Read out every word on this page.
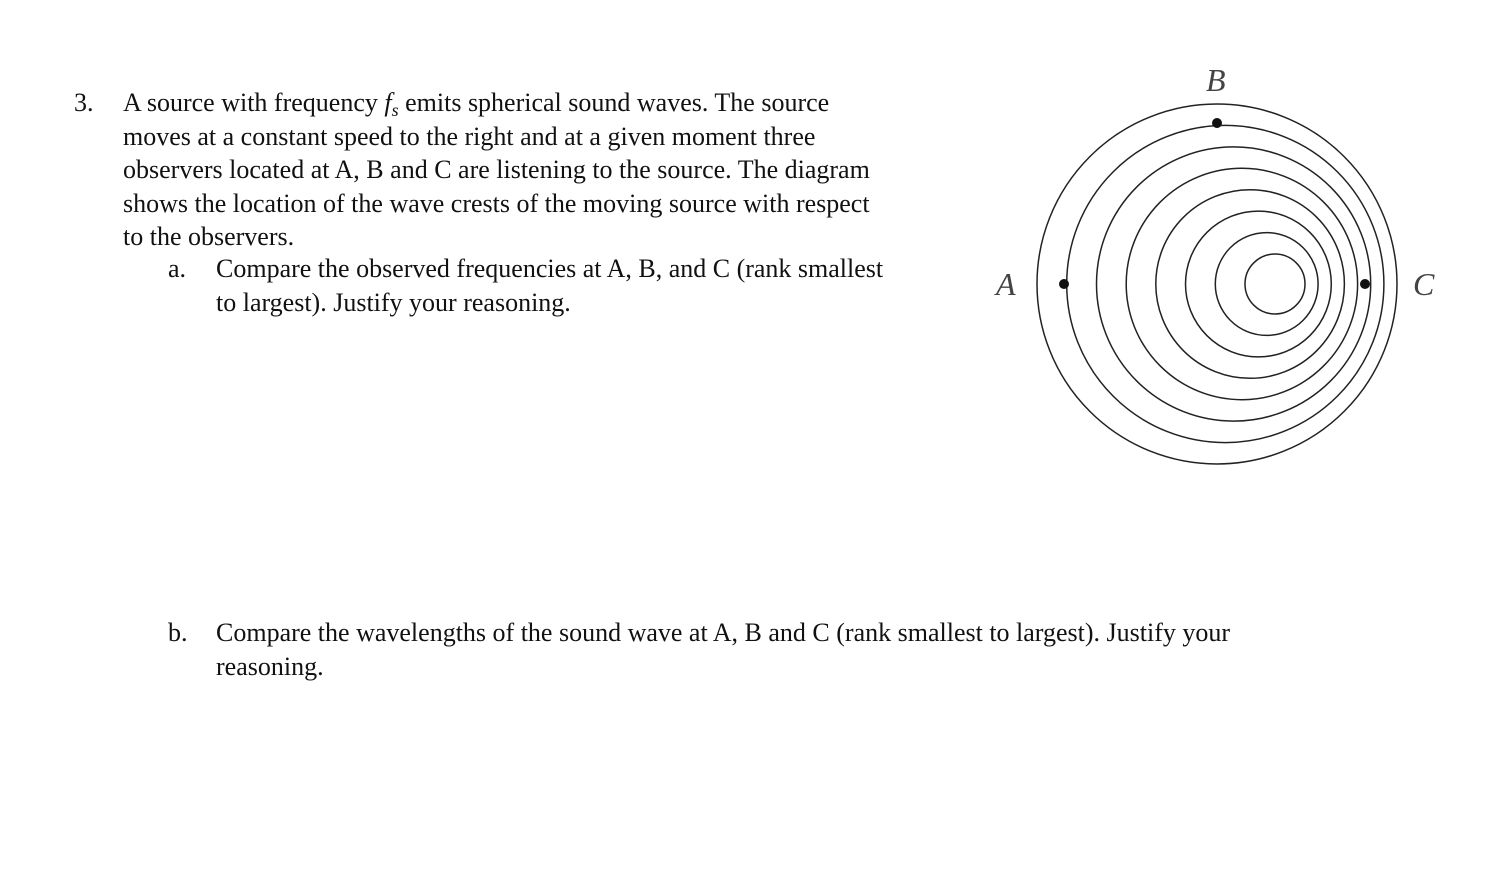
3. A source with frequency $f_s$ emits spherical sound waves. The source
moves at a constant speed to the right and at a given moment three
observers located at A, B and C are listening to the source. The diagram
shows the location of the wave crests of the moving source with respect
to the observers.
a. Compare the observed frequencies at A, B, and C (rank smallest
to largest). Justify your reasoning.
b. Compare the wavelengths of the sound wave at A, B and C (rank smallest to largest). Justify your
reasoning.
A
B
C
